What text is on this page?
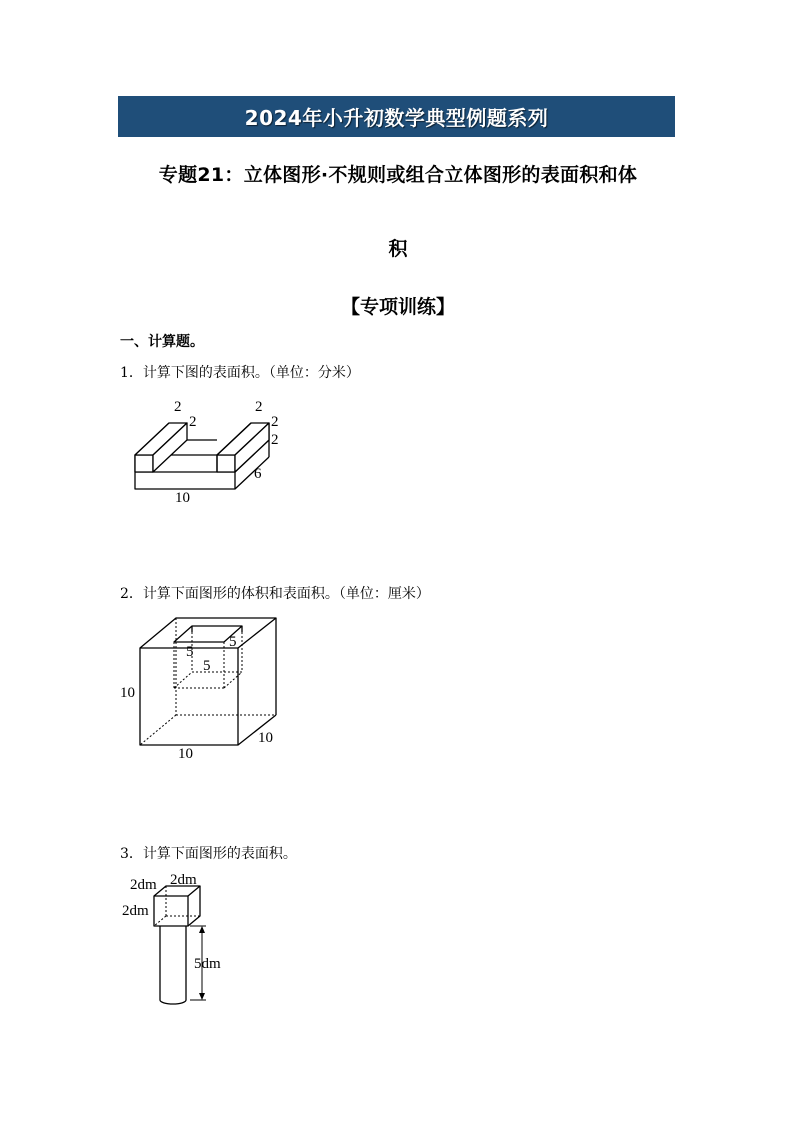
2024年小升初数学典型例题系列
专题21：立体图形·不规则或组合立体图形的表面积和体
积
【专项训练】
一、计算题。
1．计算下图的表面积。（单位：分米）
2
2
2
2
2
6
10
2．计算下面图形的体积和表面积。（单位：厘米）
5
5
5
10
10
10
3．计算下面图形的表面积。
2dm 2dm
2dm
5dm
